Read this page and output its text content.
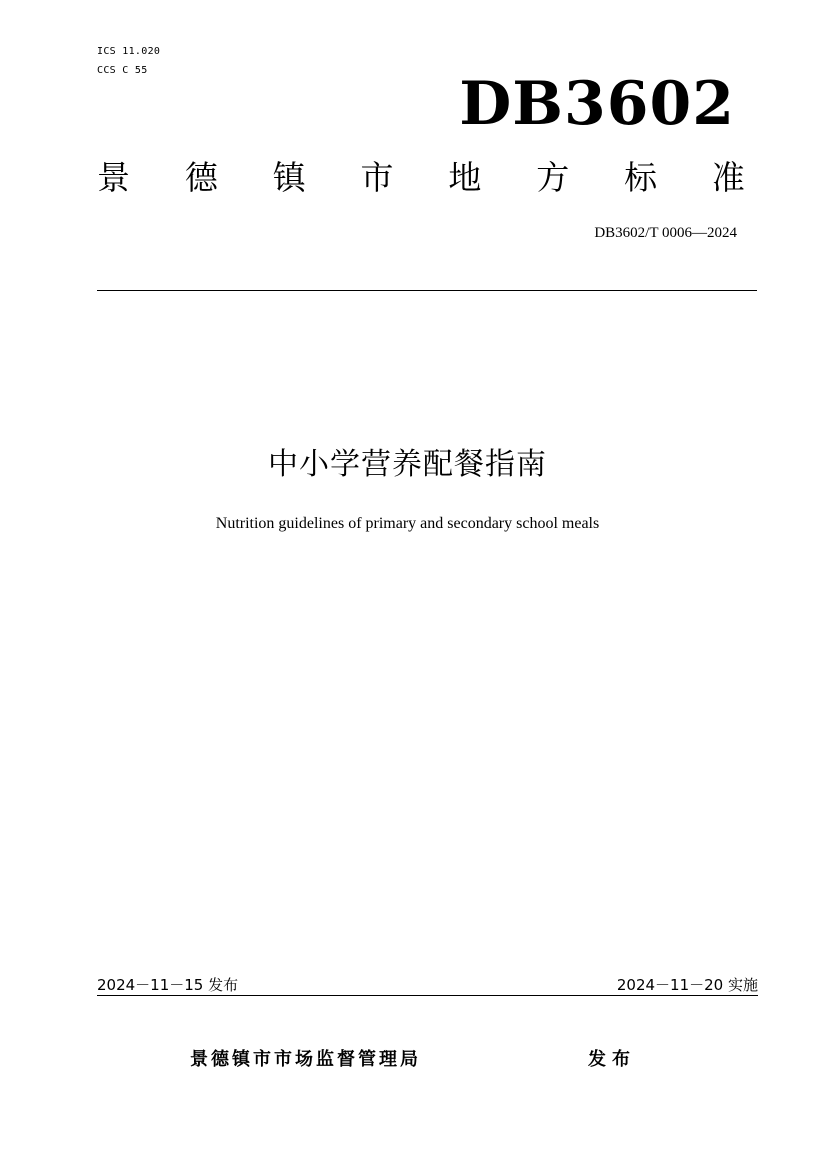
ICS 11.020
CCS C 55	DB3602
景 德 镇 市 地 方 标 准
DB3602/T 0006—2024
中小学营养配餐指南
Nutrition guidelines of primary and secondary school meals
2024－11－15 发布	2024－11－20 实施
景德镇市市场监督管理局	发布
